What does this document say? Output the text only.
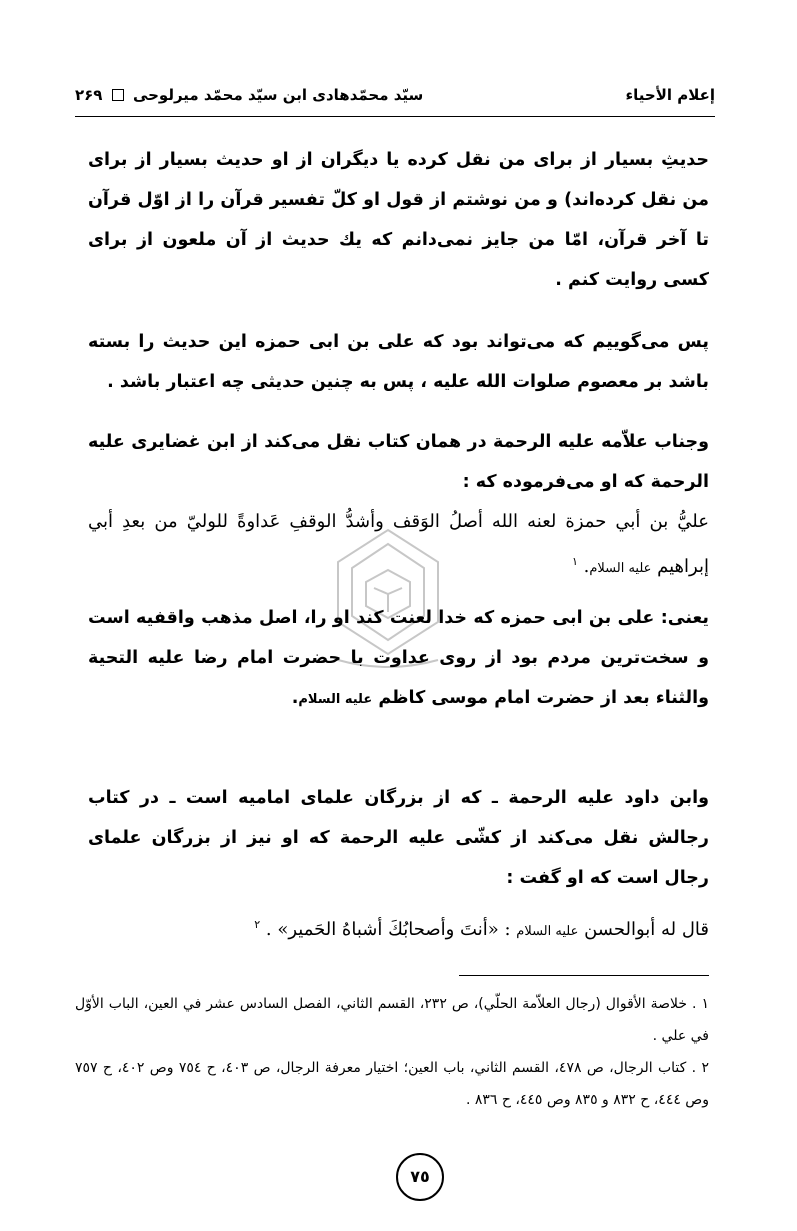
إعلام الأحياء
سیّد محمّدهادی ابن سیّد محمّد میرلوحی  ۲۶۹
حديثِ بسيار از براى من نقل كرده يا ديگران از او حديث بسيار از براى من نقل كرده‌اند) و من نوشتم از قول او كلّ تفسير قرآن را از اوّل قرآن تا آخر قرآن، امّا من جايز نمی‌دانم كه يك حديث از آن ملعون از براى كسى روايت كنم .
پس می‌گوييم كه می‌تواند بود كه على بن ابى حمزه اين حديث را بسته باشد بر معصوم صلوات الله عليه ، پس به چنين حديثى چه اعتبار باشد .
وجناب علاّمه عليه الرحمة در همان كتاب نقل می‌كند از ابن غضايرى عليه الرحمة كه او می‌فرموده كه :
عليُّ بن أبي حمزة لعنه الله أصلُ الوَقف وأشدُّ الوقفِ عَداوةً للوليّ من بعدِ أبي إبراهيم عليه السلام. $^١$
يعنى: على بن ابى حمزه كه خدا لعنت كند او را، اصل مذهب واقفيه است و سخت‌ترين مردم بود از روى عداوت با حضرت امام رضا عليه التحية والثناء بعد از حضرت امام موسى كاظم عليه السلام.
وابن داود عليه الرحمة ـ كه از بزرگان علماى اماميه است ـ در كتاب رجالش نقل می‌كند از كشّى عليه الرحمة كه او نيز از بزرگان علماى رجال است كه او گفت :
قال له أبوالحسن عليه السلام : «أنتَ وأصحابُكَ أشباهُ الحَمير» . $^٢$
١ . خلاصة الأقوال (رجال العلاّمة الحلّي)، ص ٢٣٢، القسم الثاني، الفصل السادس عشر في العين، الباب الأوّل في علي .
٢ . كتاب الرجال، ص ٤٧٨، القسم الثاني، باب العين؛ اختيار معرفة الرجال، ص ٤٠٣، ح ٧٥٤ وص ٤٠٢، ح ٧٥٧ وص ٤٤٤، ح ٨٣٢ و ٨٣٥ وص ٤٤٥، ح ٨٣٦ .
٧٥
